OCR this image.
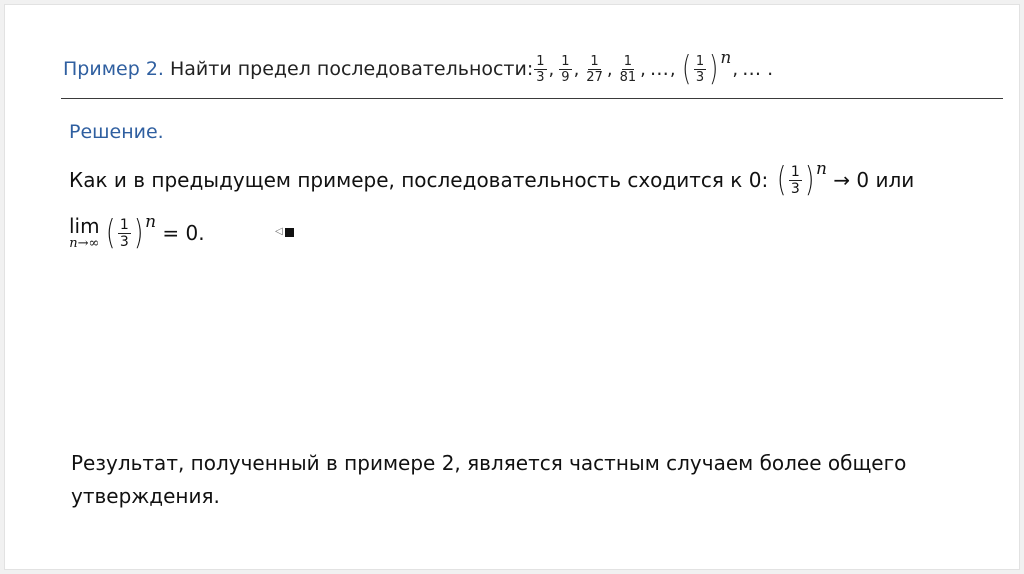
Пример 2.
Найти предел последовательности: $\frac{1}{3}$ , $\frac{1}{9}$ , $\frac{1}{27}$ , $\frac{1}{81}$ , … , ( $\frac{1}{3}$ ) n
, … .
Решение.
Как и в предыдущем примере, последовательность сходится к 0:
( $\frac{1}{3} )^n$
→ 0 или
lim
n→∞ ( $\frac{1}{3} )^n$
= 0.	◁
Результат, полученный в примере 2, является частным случаем более общего утверждения.
